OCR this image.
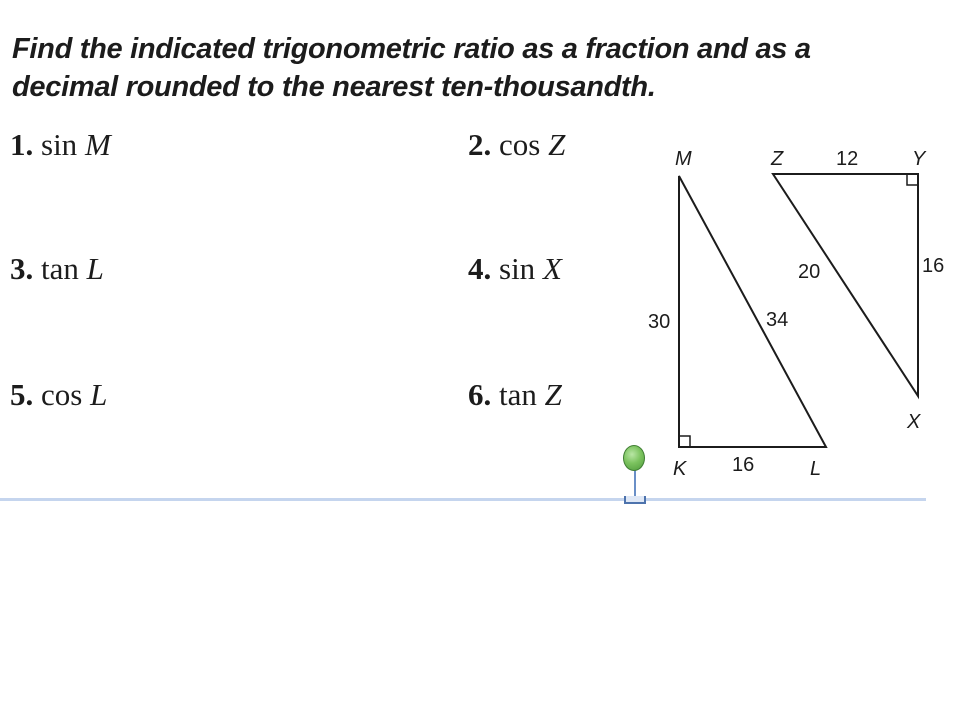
Find the indicated trigonometric ratio as a fraction and as a
decimal rounded to the nearest ten-thousandth.
1. sin M	2. cos Z
3. tan L	4. sin X
5. cos L	6. tan Z
M
K	L
30
16
34
Z	Y
X
12
16
20
